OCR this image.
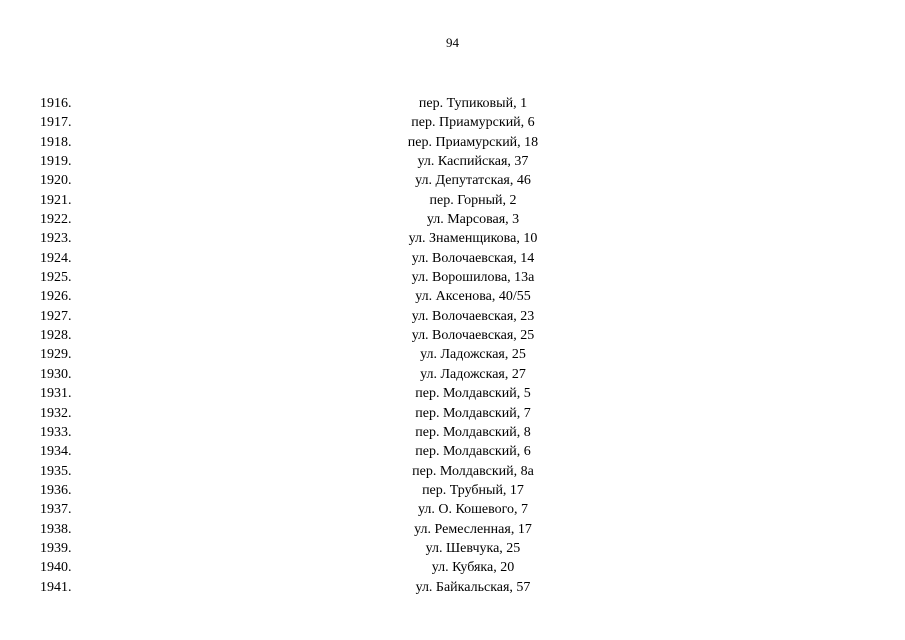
94
1916.	пер. Тупиковый, 1
1917.	пер. Приамурский, 6
1918.	пер. Приамурский, 18
1919.	ул. Каспийская, 37
1920.	ул. Депутатская, 46
1921.	пер. Горный, 2
1922.	ул. Марсовая, 3
1923.	ул. Знаменщикова, 10
1924.	ул. Волочаевская, 14
1925.	ул. Ворошилова, 13а
1926.	ул. Аксенова, 40/55
1927.	ул. Волочаевская, 23
1928.	ул. Волочаевская, 25
1929.	ул. Ладожская, 25
1930.	ул. Ладожская, 27
1931.	пер. Молдавский, 5
1932.	пер. Молдавский, 7
1933.	пер. Молдавский, 8
1934.	пер. Молдавский, 6
1935.	пер. Молдавский, 8а
1936.	пер. Трубный, 17
1937.	ул. О. Кошевого, 7
1938.	ул. Ремесленная, 17
1939.	ул. Шевчука, 25
1940.	ул. Кубяка, 20
1941.	ул. Байкальская, 57
